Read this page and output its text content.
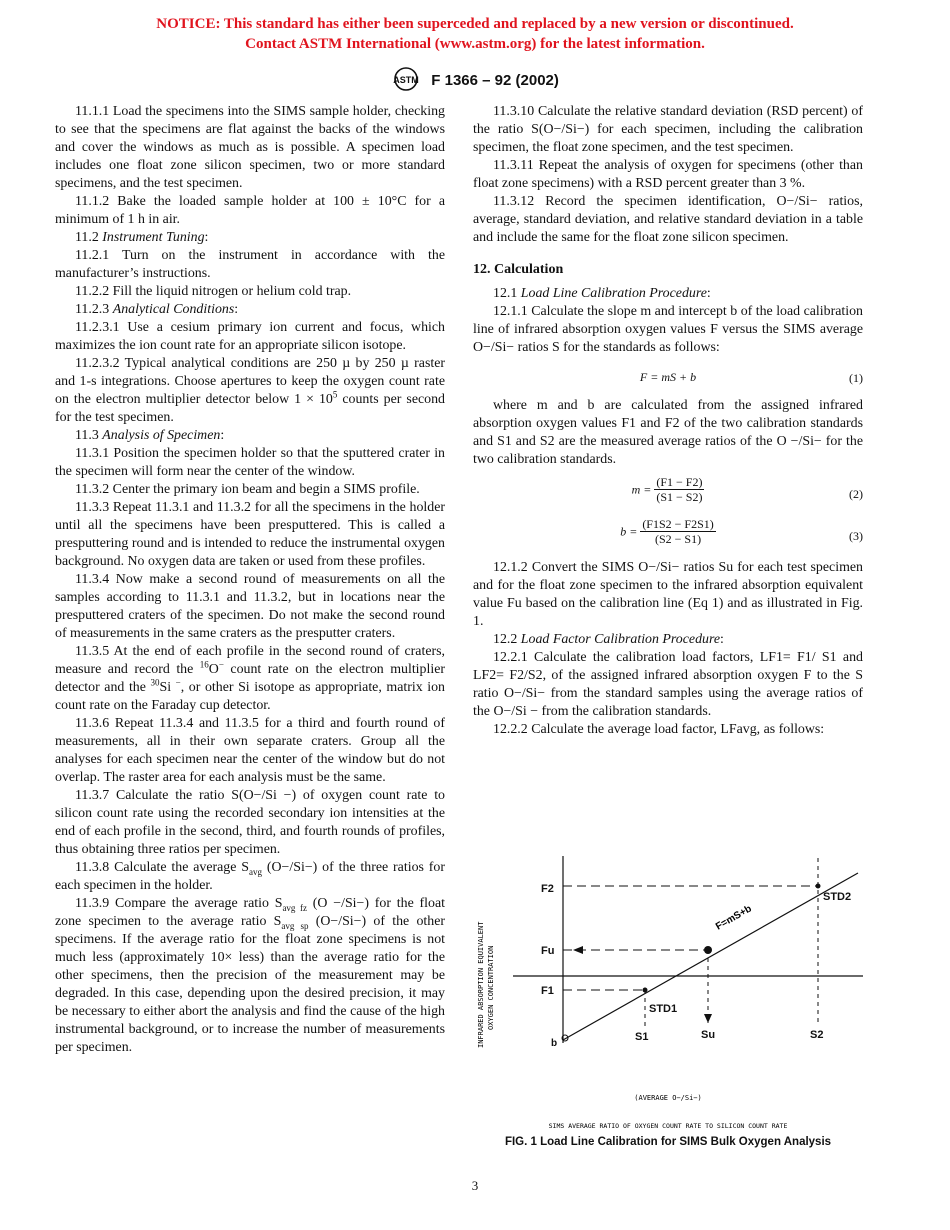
NOTICE: This standard has either been superceded and replaced by a new version or discontinued.
Contact ASTM International (www.astm.org) for the latest information.
ASTM F 1366 – 92 (2002)

11.1.1 Load the specimens into the SIMS sample holder, checking to see that the specimens are flat against the backs of the windows and cover the windows as much as is possible. A specimen load includes one float zone silicon specimen, two or more standard specimens, and the test specimen.

11.1.2 Bake the loaded sample holder at 100 ± 10°C for a minimum of 1 h in air.

11.2 Instrument Tuning:

11.2.1 Turn on the instrument in accordance with the manufacturer’s instructions.

11.2.2 Fill the liquid nitrogen or helium cold trap.

11.2.3 Analytical Conditions:

11.2.3.1 Use a cesium primary ion current and focus, which maximizes the ion count rate for an appropriate silicon isotope.

11.2.3.2 Typical analytical conditions are 250 µ by 250 µ raster and 1-s integrations. Choose apertures to keep the oxygen count rate on the electron multiplier detector below $1 \times 10^5$ counts per second for the test specimen.

11.3 Analysis of Specimen:

11.3.1 Position the specimen holder so that the sputtered crater in the specimen will form near the center of the window.

11.3.2 Center the primary ion beam and begin a SIMS profile.

11.3.3 Repeat 11.3.1 and 11.3.2 for all the specimens in the holder until all the specimens have been presputtered. This is called a presputtering round and is intended to reduce the instrumental oxygen background. No oxygen data are taken or used from these profiles.

11.3.4 Now make a second round of measurements on all the samples according to 11.3.1 and 11.3.2, but in locations near the presputtered craters of the specimen. Do not make the second round of measurements in the same craters as the presputter craters.

11.3.5 At the end of each profile in the second round of craters, measure and record the $^{16}$O− count rate on the electron multiplier detector and the $^{30}$Si −, or other Si isotope as appropriate, matrix ion count rate on the Faraday cup detector.

11.3.6 Repeat 11.3.4 and 11.3.5 for a third and fourth round of measurements, all in their own separate craters. Group all the analyses for each specimen near the center of the window but do not overlap. The raster area for each analysis must be the same.

11.3.7 Calculate the ratio S(O−/Si −) of oxygen count rate to silicon count rate using the recorded secondary ion intensities at the end of each profile in the second, third, and fourth rounds of profiles, thus obtaining three ratios per specimen.

11.3.8 Calculate the average $S_{avg}$ (O−/Si−) of the three ratios for each specimen in the holder.

11.3.9 Compare the average ratio $S_{avg fz}$ (O −/Si−) for the float zone specimen to the average ratio $S_{avg sp}$ (O−/Si−) of the other specimens. If the average ratio for the float zone specimens is not much less (approximately 10× less) than the average ratio for the other specimens, then the precision of the measurement may be degraded. In this case, depending upon the desired precision, it may be necessary to either abort the analysis and find the cause of the high instrumental background, or to increase the number of measurements per specimen.

11.3.10 Calculate the relative standard deviation (RSD percent) of the ratio S(O−/Si−) for each specimen, including the calibration specimen, the float zone specimen, and the test specimen.

11.3.11 Repeat the analysis of oxygen for specimens (other than float zone specimens) with a RSD percent greater than 3 %.

11.3.12 Record the specimen identification, O−/Si− ratios, average, standard deviation, and relative standard deviation in a table and include the same for the float zone silicon specimen.

12. Calculation

12.1 Load Line Calibration Procedure:

12.1.1 Calculate the slope m and intercept b of the load calibration line of infrared absorption oxygen values F versus the SIMS average O−/Si− ratios S for the standards as follows:

F = mS + b	(1)

where m and b are calculated from the assigned infrared absorption oxygen values F1 and F2 of the two calibration standards and S1 and S2 are the measured average ratios of the O −/Si− for the two calibration standards.

$m = \frac{(F1 - F2)}{(S1 - S2)}$	(2)
$b = \frac{(F1S2 - F2S1)}{(S2 - S1)}$	(3)

12.1.2 Convert the SIMS O−/Si− ratios Su for each test specimen and for the float zone specimen to the infrared absorption equivalent value Fu based on the calibration line (Eq 1) and as illustrated in Fig. 1.

12.2 Load Factor Calibration Procedure:

12.2.1 Calculate the calibration load factors, LF1= F1/ S1 and LF2= F2/S2, of the assigned infrared absorption oxygen F to the S ratio O−/Si− from the standard samples using the average ratios of the O−/Si − from the calibration standards.

12.2.2 Calculate the average load factor, LFavg, as follows:

INFRARED ABSORPTION EQUIVALENT OXYGEN CONCENTRATION
F2
Fu
F1
STD1
STD2
b
S1	Su	S2
F=mS+b
(AVERAGE O−/Si−)
SIMS AVERAGE RATIO OF OXYGEN COUNT RATE TO SILICON COUNT RATE
FIG. 1 Load Line Calibration for SIMS Bulk Oxygen Analysis
3
